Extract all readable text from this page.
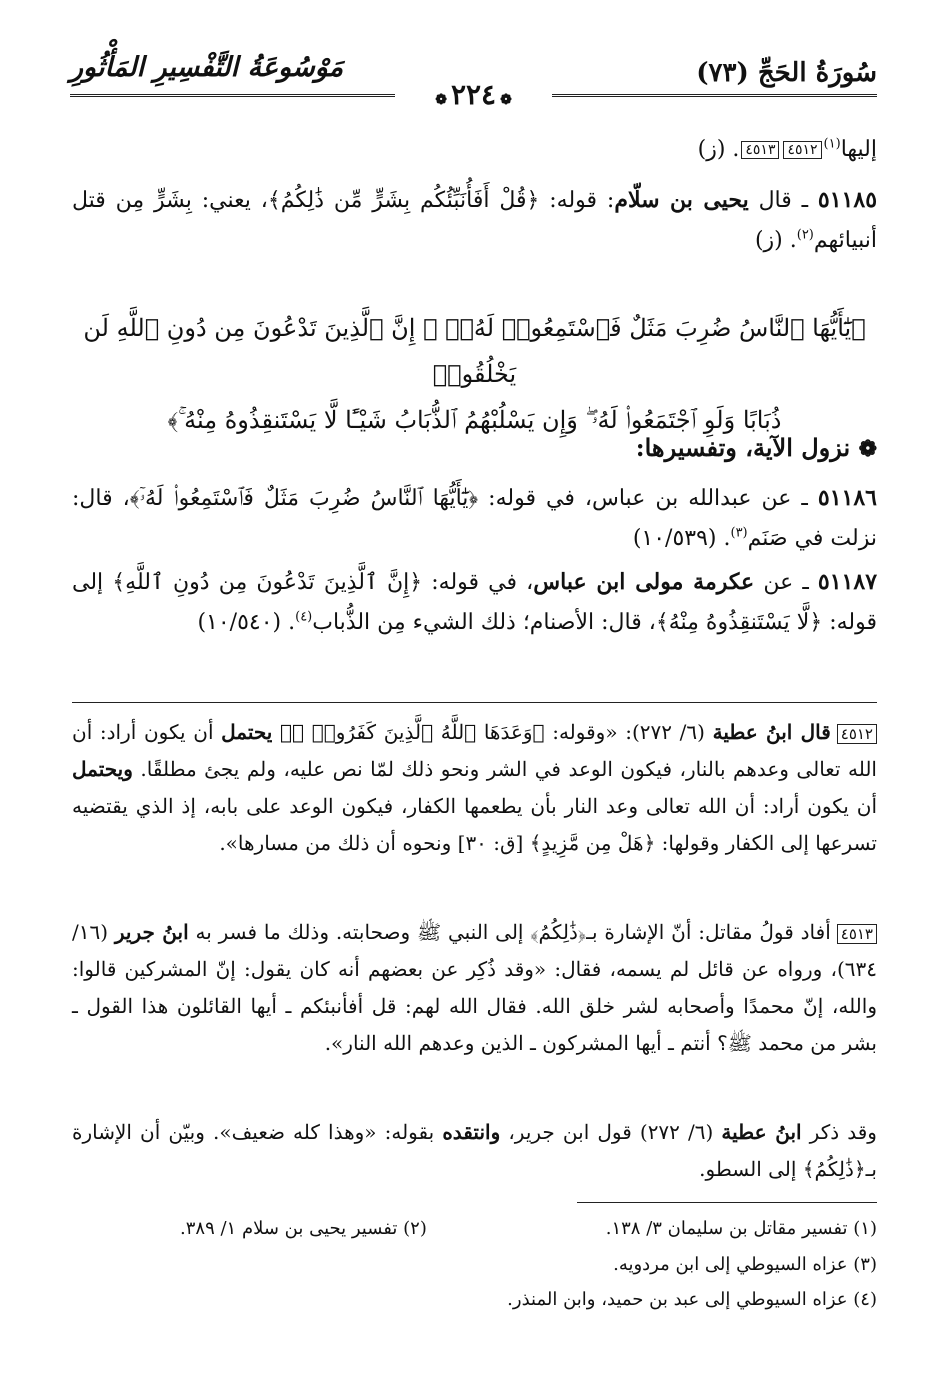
مَوْسُوعَةُ التَّفْسِيرِ المَأْثُورِ
❁ ٢٢٤ ❁
سُورَةُ الحَجِّ (٧٣)

إليها$^{(١)}$٤٥١٢٤٥١٣. (ز)

٥١١٨٥ ـ قال يحيى بن سلّام: قوله: ﴿قُلْ أَفَأُنَبِّئُكُم بِشَرٍّ مِّن ذَٰلِكُمُ﴾، يعني: بِشَرٍّ مِن قتل أنبيائهم$^{(٢)}$. (ز)

﴿يَٰٓأَيُّهَا ٱلنَّاسُ ضُرِبَ مَثَلٌ فَٱسْتَمِعُوا۟ لَهُۥٓ ۚ إِنَّ ٱلَّذِينَ تَدْعُونَ مِن دُونِ ٱللَّهِ لَن يَخْلُقُوا۟
ذُبَابًا وَلَوِ ٱجْتَمَعُوا۟ لَهُۥ ۖ وَإِن يَسْلُبْهُمُ ٱلذُّبَابُ شَيْـًٔا لَّا يَسْتَنقِذُوهُ مِنْهُ ۚ﴾

❁ نزول الآية، وتفسيرها:

٥١١٨٦ ـ عن عبدالله بن عباس، في قوله: ﴿يَٰٓأَيُّهَا ٱلنَّاسُ ضُرِبَ مَثَلٌ فَٱسْتَمِعُوا۟ لَهُۥٓ﴾، قال: نزلت في صَنَم$^{(٣)}$. (١٠/٥٣٩)

٥١١٨٧ ـ عن عكرمة مولى ابن عباس، في قوله: ﴿إِنَّ ٱلَّذِينَ تَدْعُونَ مِن دُونِ ٱللَّهِ﴾ إلى قوله: ﴿لَّا يَسْتَنقِذُوهُ مِنْهُ﴾، قال: الأصنام؛ ذلك الشيء مِن الذُّباب$^{(٤)}$. (١٠/٥٤٠)

٤٥١٢قال ابنُ عطية (٦/ ٢٧٢): «وقوله: ﴿وَعَدَهَا ٱللَّهُ ٱلَّذِينَ كَفَرُوا۟ ۖ﴾ يحتمل أن يكون أراد: أن الله تعالى وعدهم بالنار، فيكون الوعد في الشر ونحو ذلك لمّا نص عليه، ولم يجئ مطلقًا. ويحتمل أن يكون أراد: أن الله تعالى وعد النار بأن يطعمها الكفار، فيكون الوعد على بابه، إذ الذي يقتضيه تسرعها إلى الكفار وقولها: ﴿هَلْ مِن مَّزِيدٍ﴾ [ق: ٣٠] ونحوه أن ذلك من مسارها».

٤٥١٣أفاد قولُ مقاتل: أنّ الإشارة بـ﴿ذَٰلِكُمُ﴾ إلى النبي ﷺ وصحابته. وذلك ما فسر به ابنُ جرير (١٦/ ٦٣٤)، ورواه عن قائل لم يسمه، فقال: «وقد ذُكِر عن بعضهم أنه كان يقول: إنّ المشركين قالوا: والله، إنّ محمدًا وأصحابه لشر خلق الله. فقال الله لهم: قل أفأنبئكم ـ أيها القائلون هذا القول ـ بشر من محمد ﷺ؟ أنتم ـ أيها المشركون ـ الذين وعدهم الله النار».

وقد ذكر ابنُ عطية (٦/ ٢٧٢) قول ابن جرير، وانتقده بقوله: «وهذا كله ضعيف». وبيّن أن الإشارة بـ﴿ذَٰلِكُمُ﴾ إلى السطو.

(١) تفسير مقاتل بن سليمان ٣/ ١٣٨.
(٢) تفسير يحيى بن سلام ١/ ٣٨٩.
(٣) عزاه السيوطي إلى ابن مردويه.
(٤) عزاه السيوطي إلى عبد بن حميد، وابن المنذر.
